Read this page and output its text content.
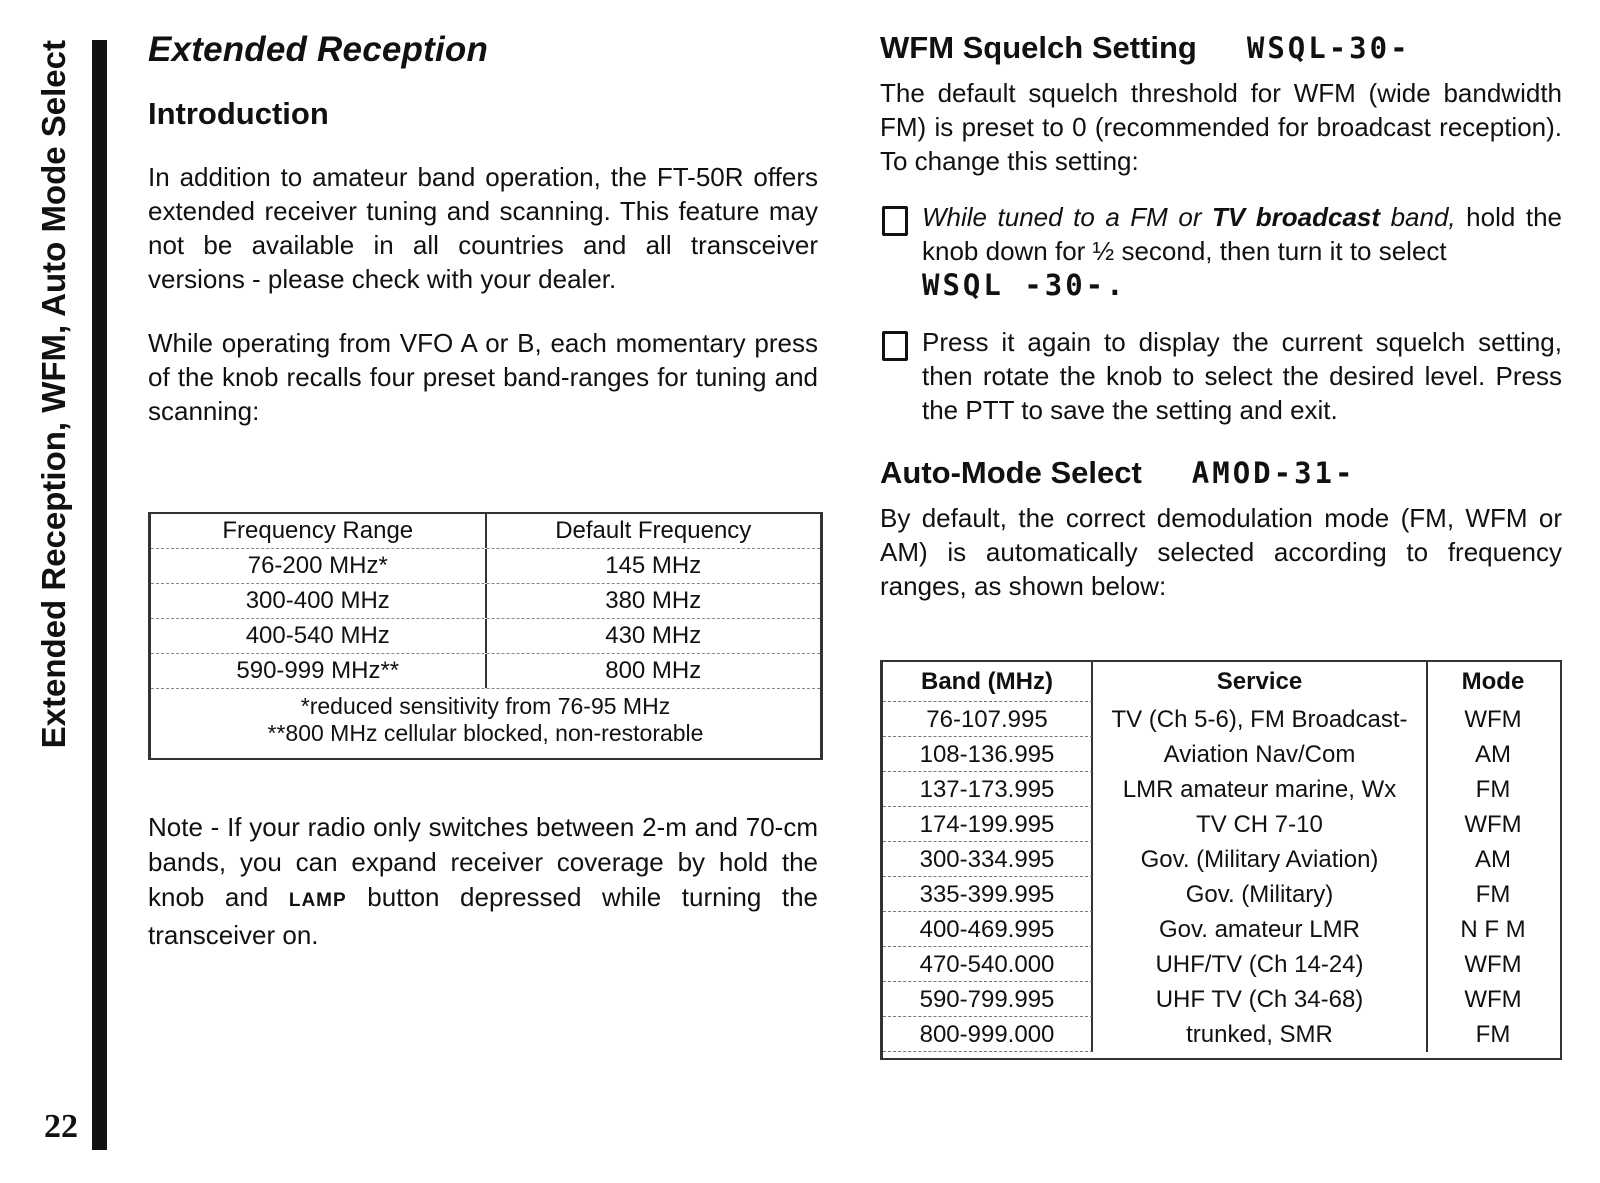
Extended Reception, WFM, Auto Mode Select
22
Extended Reception
Introduction

In addition to amateur band operation, the FT-50R offers extended receiver tuning and scanning. This feature may not be available in all countries and all transceiver versions - please check with your dealer.

While operating from VFO A or B, each momentary press of the knob recalls four preset band-ranges for tuning and scanning:

Frequency Range	Default Frequency
76-200 MHz*	145 MHz
300-400 MHz	380 MHz
400-540 MHz	430 MHz
590-999 MHz**	800 MHz
*reduced sensitivity from 76-95 MHz
**800 MHz cellular blocked, non-restorable
Note - If your radio only switches between 2-m and 70-cm bands, you can expand receiver coverage by hold the knob and LAMP button depressed while turning the transceiver on.
WFM Squelch Setting WSQL-30-

The default squelch threshold for WFM (wide bandwidth FM) is preset to 0 (recommended for broadcast reception). To change this setting:

While tuned to a FM or TV broadcast band, hold the knob down for ½ second, then turn it to select
WSQL -30-.
Press it again to display the current squelch setting, then rotate the knob to select the desired level. Press the PTT to save the setting and exit.
Auto-Mode Select AMOD-31-

By default, the correct demodulation mode (FM, WFM or AM) is automatically selected according to frequency ranges, as shown below:

Band (MHz)	Service	Mode
76-107.995	TV (Ch 5-6), FM Broadcast-	WFM
108-136.995	Aviation Nav/Com	AM
137-173.995	LMR amateur marine, Wx	FM
174-199.995	TV CH 7-10	WFM
300-334.995	Gov. (Military Aviation)	AM
335-399.995	Gov. (Military)	FM
400-469.995	Gov. amateur LMR	N F M
470-540.000	UHF/TV (Ch 14-24)	WFM
590-799.995	UHF TV (Ch 34-68)	WFM
800-999.000	trunked, SMR	FM
